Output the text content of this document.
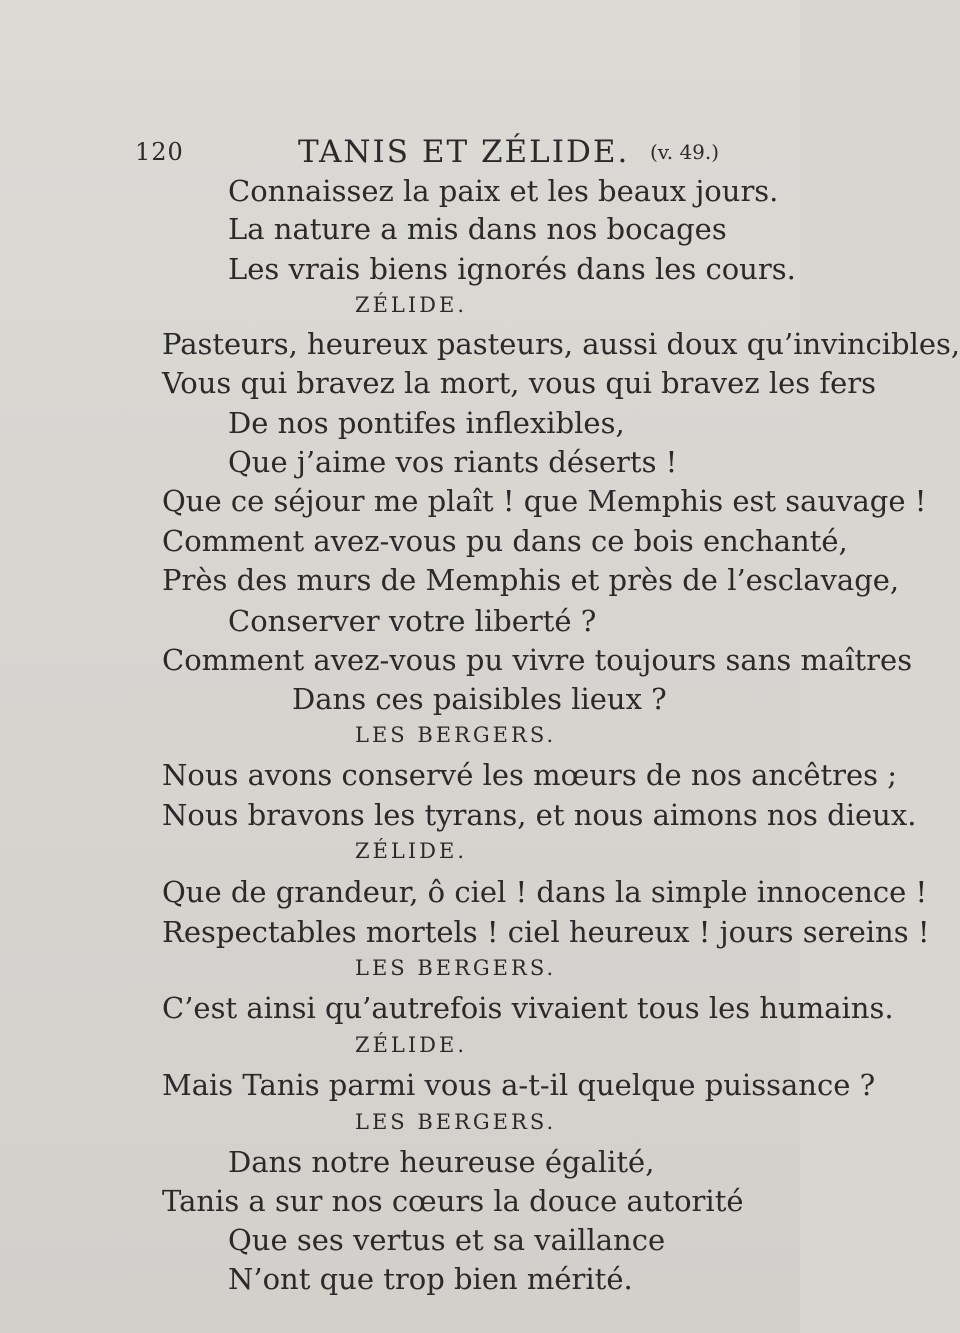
120	TANIS ET ZÉLIDE. (v. 49.)
Connaissez la paix et les beaux jours.
La nature a mis dans nos bocages
Les vrais biens ignorés dans les cours.
ZÉLIDE.
Pasteurs, heureux pasteurs, aussi doux qu’invincibles,
Vous qui bravez la mort, vous qui bravez les fers
De nos pontifes inflexibles,
Que j’aime vos riants déserts !
Que ce séjour me plaît ! que Memphis est sauvage !
Comment avez-vous pu dans ce bois enchanté,
Près des murs de Memphis et près de l’esclavage,
Conserver votre liberté ?
Comment avez-vous pu vivre toujours sans maîtres
Dans ces paisibles lieux ?
LES BERGERS.
Nous avons conservé les mœurs de nos ancêtres ;
Nous bravons les tyrans, et nous aimons nos dieux.
ZÉLIDE.
Que de grandeur, ô ciel ! dans la simple innocence !
Respectables mortels ! ciel heureux ! jours sereins !
LES BERGERS.
C’est ainsi qu’autrefois vivaient tous les humains.
ZÉLIDE.
Mais Tanis parmi vous a-t-il quelque puissance ?
LES BERGERS.
Dans notre heureuse égalité,
Tanis a sur nos cœurs la douce autorité
Que ses vertus et sa vaillance
N’ont que trop bien mérité.
